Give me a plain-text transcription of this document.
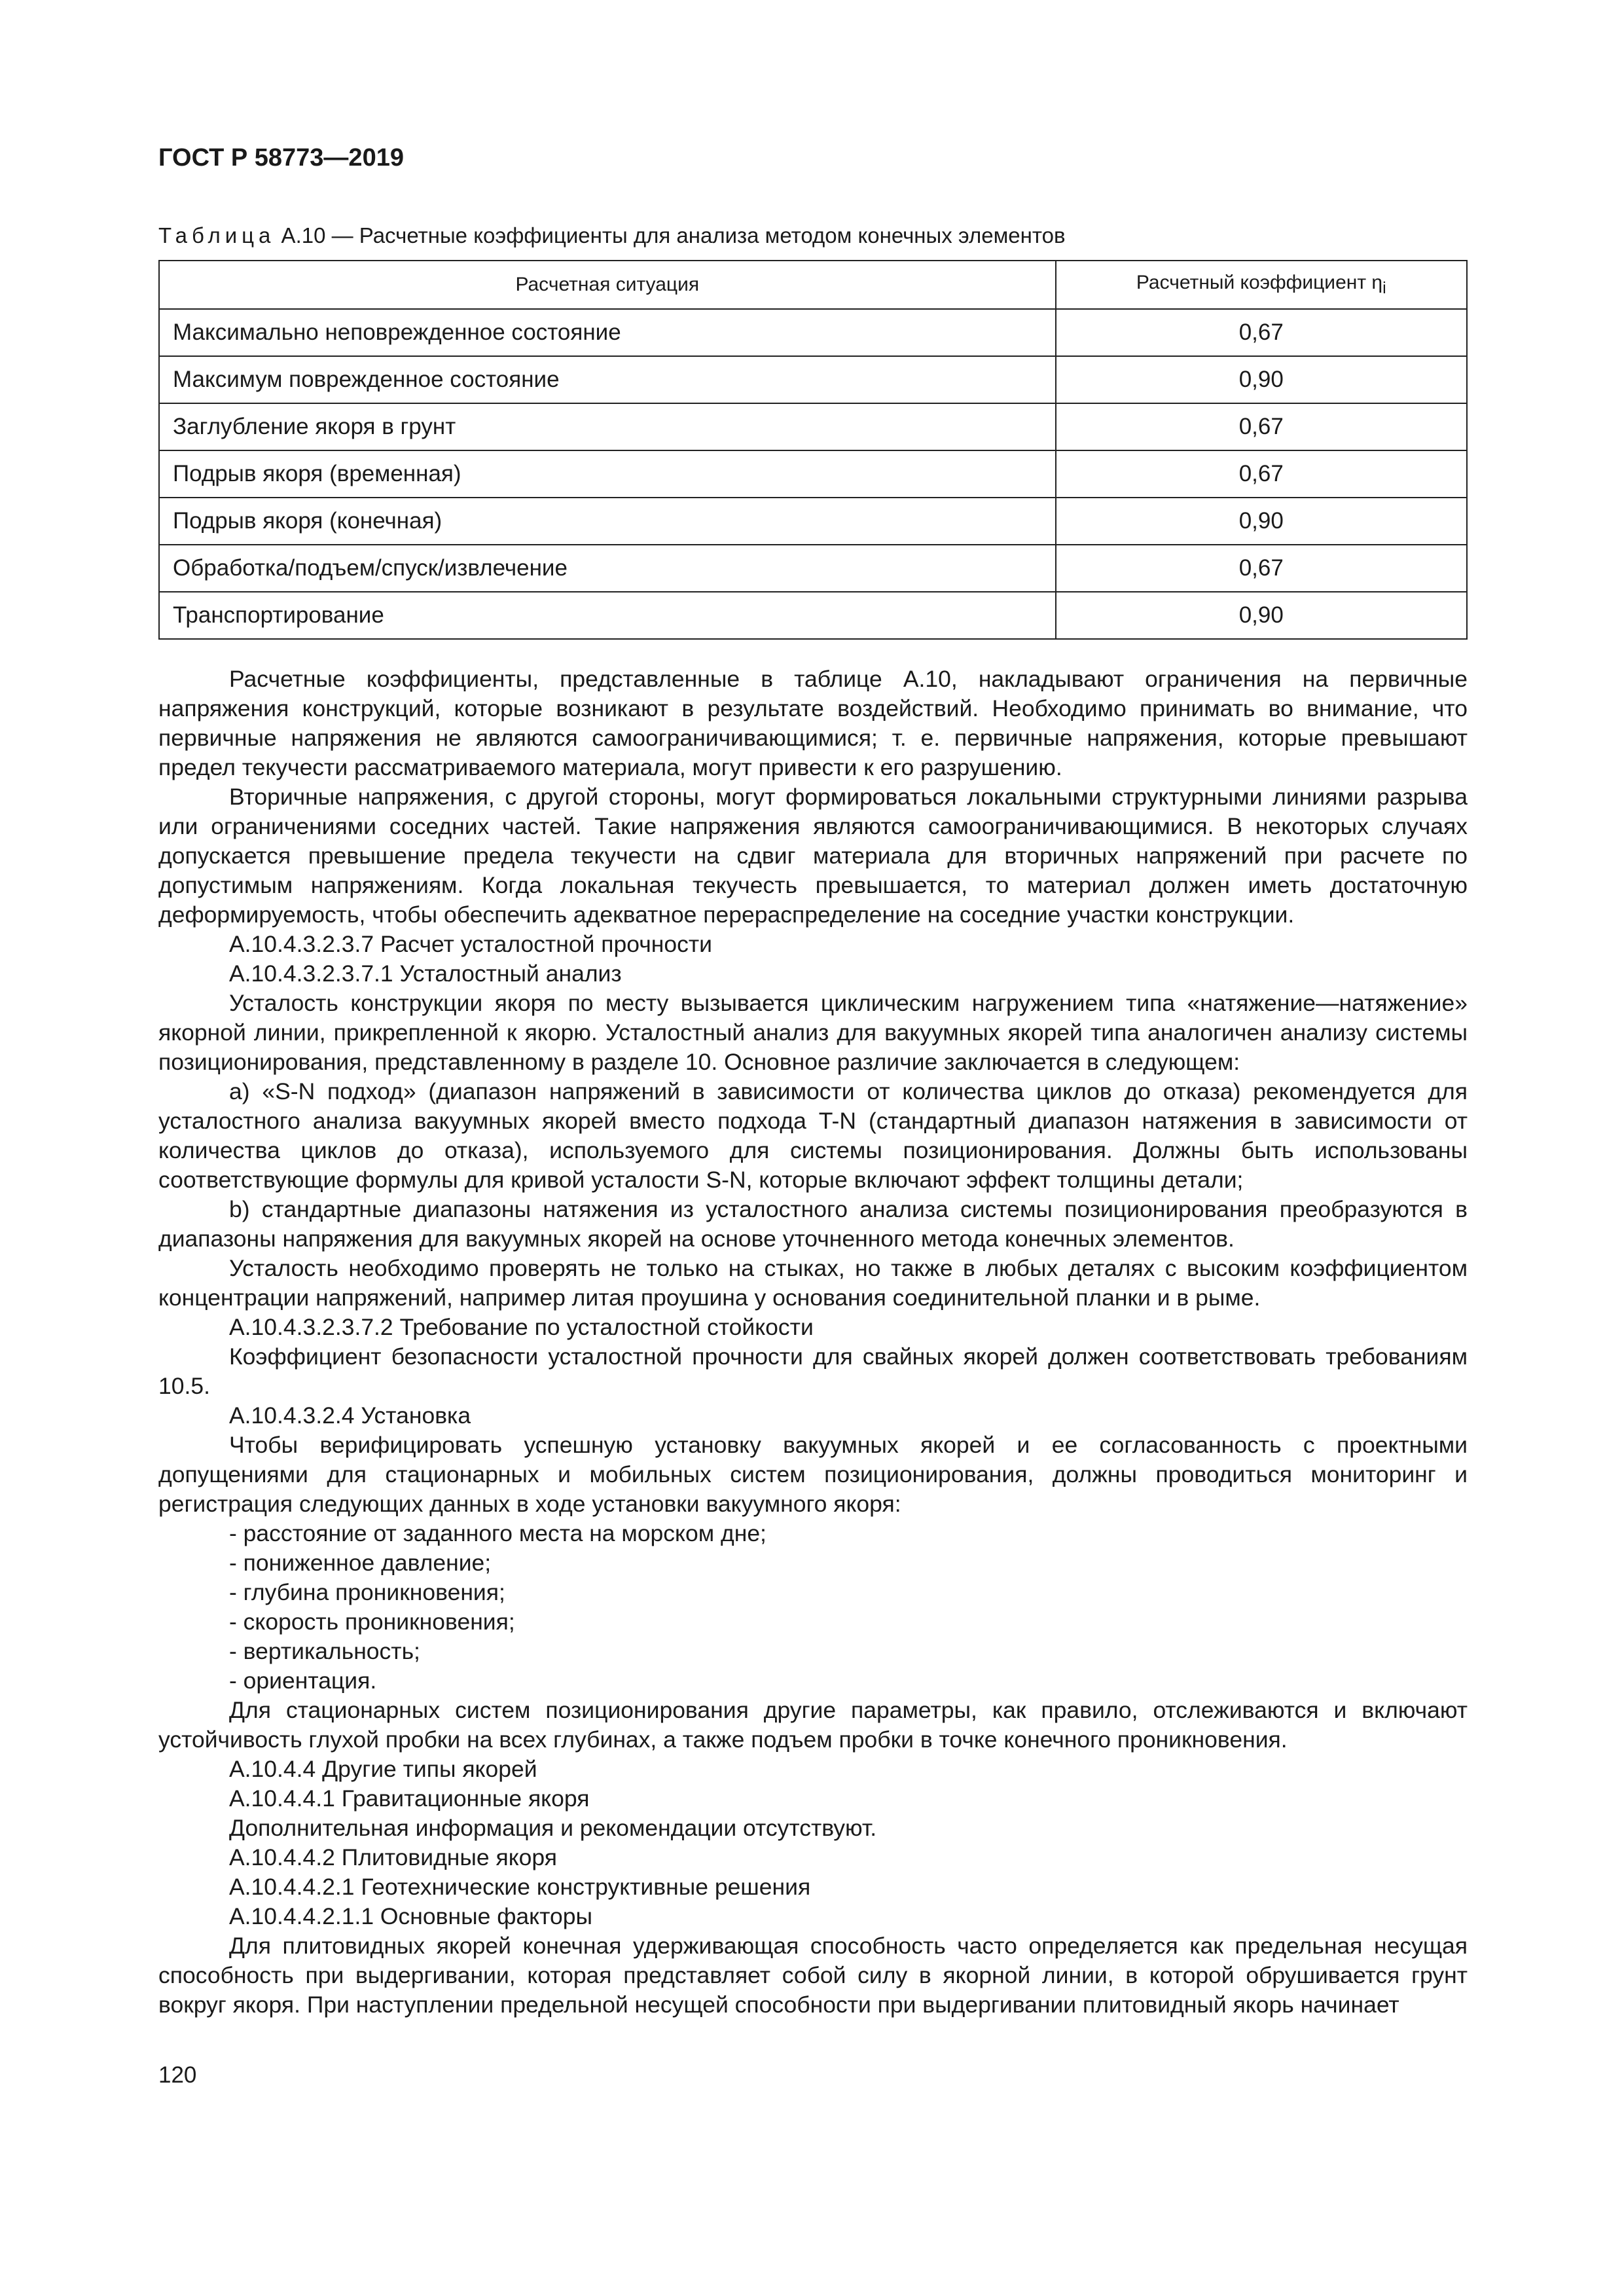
ГОСТ Р 58773—2019
Таблица А.10 — Расчетные коэффициенты для анализа методом конечных элементов
Расчетная ситуация	Расчетный коэффициент $\eta_i$
Максимально неповрежденное состояние	0,67
Максимум поврежденное состояние	0,90
Заглубление якоря в грунт	0,67
Подрыв якоря (временная)	0,67
Подрыв якоря (конечная)	0,90
Обработка/подъем/спуск/извлечение	0,67
Транспортирование	0,90

Расчетные коэффициенты, представленные в таблице А.10, накладывают ограничения на первичные напряжения конструкций, которые возникают в результате воздействий. Необходимо принимать во внимание, что первичные напряжения не являются самоограничивающимися; т. е. первичные напряжения, которые превышают предел текучести рассматриваемого материала, могут привести к его разрушению.

Вторичные напряжения, с другой стороны, могут формироваться локальными структурными линиями разрыва или ограничениями соседних частей. Такие напряжения являются самоограничивающимися. В некоторых случаях допускается превышение предела текучести на сдвиг материала для вторичных напряжений при расчете по допустимым напряжениям. Когда локальная текучесть превышается, то материал должен иметь достаточную деформируемость, чтобы обеспечить адекватное перераспределение на соседние участки конструкции.

А.10.4.3.2.3.7 Расчет усталостной прочности

А.10.4.3.2.3.7.1 Усталостный анализ

Усталость конструкции якоря по месту вызывается циклическим нагружением типа «натяжение—натяжение» якорной линии, прикрепленной к якорю. Усталостный анализ для вакуумных якорей типа аналогичен анализу системы позиционирования, представленному в разделе 10. Основное различие заключается в следующем:

а) «S-N подход» (диапазон напряжений в зависимости от количества циклов до отказа) рекомендуется для усталостного анализа вакуумных якорей вместо подхода T-N (стандартный диапазон натяжения в зависимости от количества циклов до отказа), используемого для системы позиционирования. Должны быть использованы соответствующие формулы для кривой усталости S-N, которые включают эффект толщины детали;

b) стандартные диапазоны натяжения из усталостного анализа системы позиционирования преобразуются в диапазоны напряжения для вакуумных якорей на основе уточненного метода конечных элементов.

Усталость необходимо проверять не только на стыках, но также в любых деталях с высоким коэффициентом концентрации напряжений, например литая проушина у основания соединительной планки и в рыме.

А.10.4.3.2.3.7.2 Требование по усталостной стойкости

Коэффициент безопасности усталостной прочности для свайных якорей должен соответствовать требованиям 10.5.

А.10.4.3.2.4 Установка

Чтобы верифицировать успешную установку вакуумных якорей и ее согласованность с проектными допущениями для стационарных и мобильных систем позиционирования, должны проводиться мониторинг и регистрация следующих данных в ходе установки вакуумного якоря:

- расстояние от заданного места на морском дне;

- пониженное давление;

- глубина проникновения;

- скорость проникновения;

- вертикальность;

- ориентация.

Для стационарных систем позиционирования другие параметры, как правило, отслеживаются и включают устойчивость глухой пробки на всех глубинах, а также подъем пробки в точке конечного проникновения.

А.10.4.4 Другие типы якорей

А.10.4.4.1 Гравитационные якоря

Дополнительная информация и рекомендации отсутствуют.

А.10.4.4.2 Плитовидные якоря

А.10.4.4.2.1 Геотехнические конструктивные решения

А.10.4.4.2.1.1 Основные факторы

Для плитовидных якорей конечная удерживающая способность часто определяется как предельная несущая способность при выдергивании, которая представляет собой силу в якорной линии, в которой обрушивается грунт вокруг якоря. При наступлении предельной несущей способности при выдергивании плитовидный якорь начинает

120
